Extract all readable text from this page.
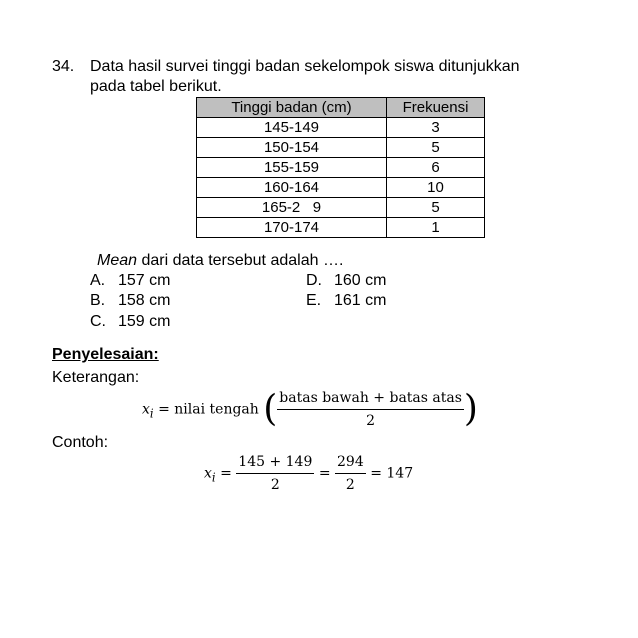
34. Data hasil survei tinggi badan sekelompok siswa ditunjukkan
pada tabel berikut.
Tinggi badan (cm)	Frekuensi
145-149	3
150-154	5
155-159	6
160-164	10
165-2   9	5
170-174	1
Mean dari data tersebut adalah ….
A. 157 cm
B. 158 cm
C. 159 cm
D. 160 cm
E. 161 cm
Penyelesaian:
Keterangan:
$x_i$ = nilai tengah ( $\frac{\text{batas bawah + batas atas}}{2}$ )
Contoh:
$x_i = \frac{145 + 149}{2} = \frac{294}{2} = 147$
